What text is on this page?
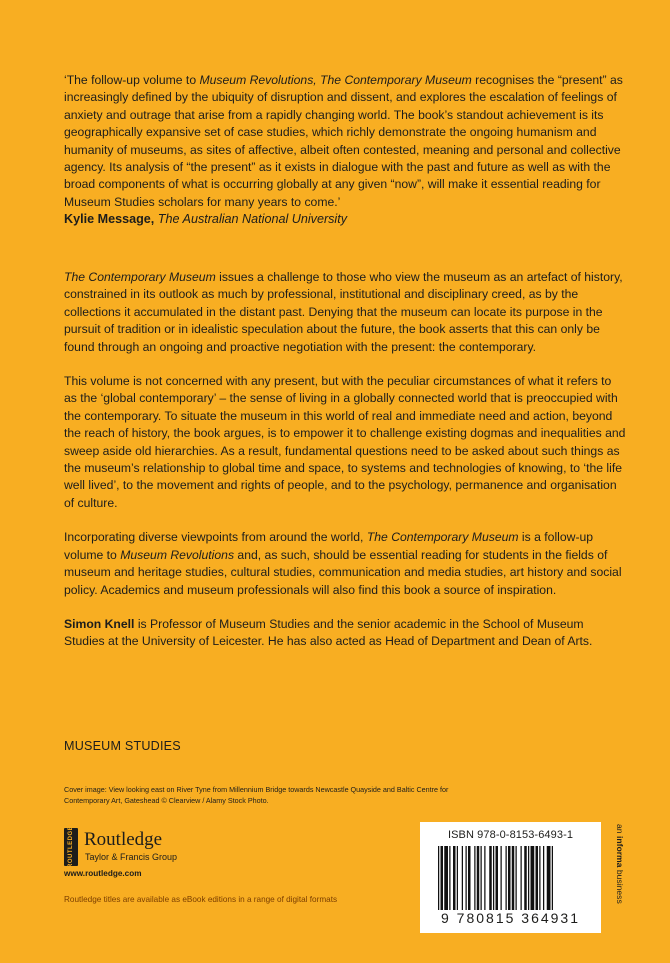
‘The follow-up volume to Museum Revolutions, The Contemporary Museum recognises the “present” as increasingly defined by the ubiquity of disruption and dissent, and explores the escalation of feelings of anxiety and outrage that arise from a rapidly changing world. The book’s standout achievement is its geographically expansive set of case studies, which richly demonstrate the ongoing humanism and humanity of museums, as sites of affective, albeit often contested, meaning and personal and collective agency. Its analysis of “the present” as it exists in dialogue with the past and future as well as with the broad components of what is occurring globally at any given “now”, will make it essential reading for Museum Studies scholars for many years to come.’

Kylie Message, The Australian National University

The Contemporary Museum issues a challenge to those who view the museum as an artefact of history, constrained in its outlook as much by professional, institutional and disciplinary creed, as by the collections it accumulated in the distant past. Denying that the museum can locate its purpose in the pursuit of tradition or in idealistic speculation about the future, the book asserts that this can only be found through an ongoing and proactive negotiation with the present: the contemporary.

This volume is not concerned with any present, but with the peculiar circumstances of what it refers to as the ‘global contemporary’ – the sense of living in a globally connected world that is preoccupied with the contemporary. To situate the museum in this world of real and immediate need and action, beyond the reach of history, the book argues, is to empower it to challenge existing dogmas and inequalities and sweep aside old hierarchies. As a result, fundamental questions need to be asked about such things as the museum’s relationship to global time and space, to systems and technologies of knowing, to ‘the life well lived’, to the movement and rights of people, and to the psychology, permanence and organisation of culture.

Incorporating diverse viewpoints from around the world, The Contemporary Museum is a follow-up volume to Museum Revolutions and, as such, should be essential reading for students in the fields of museum and heritage studies, cultural studies, communication and media studies, art history and social policy. Academics and museum professionals will also find this book a source of inspiration.

Simon Knell is Professor of Museum Studies and the senior academic in the School of Museum Studies at the University of Leicester. He has also acted as Head of Department and Dean of Arts.

MUSEUM STUDIES
Cover image: View looking east on River Tyne from Millennium Bridge towards Newcastle Quayside and Baltic Centre for Contemporary Art, Gateshead © Clearview / Alamy Stock Photo.
ROUTLEDGE Routledge
Taylor & Francis Group
www.routledge.com
Routledge titles are available as eBook editions in a range of digital formats
ISBN 978-0-8153-6493-1
9 780815 364931
an informa business
